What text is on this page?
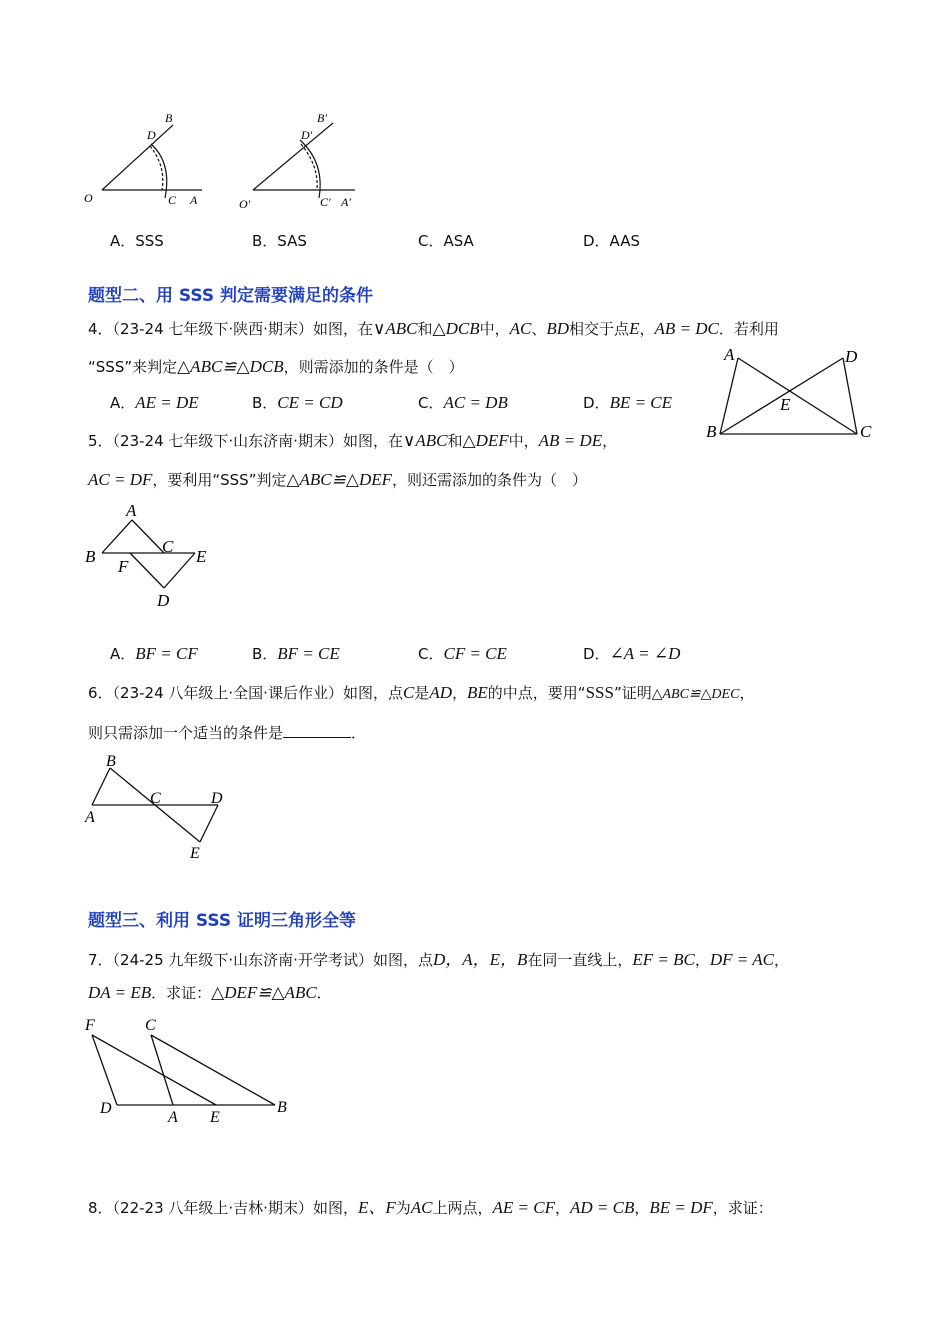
B
D
O	C A
B′
D′
O′	C′ A′
A．SSS	B．SAS	C．ASA	D．AAS
题型二、用 SSS 判定需要满足的条件
4．（23-24 七年级下·陕西·期末）如图，在∨ABC和△DCB中，AC、BD相交于点E，AB = DC．若利用
“SSS”来判定△ABC≌△DCB，则需添加的条件是（　）
A．AE = DE	B．CE = CD	C．AC = DB	D．BE = CE
A	D
E
B	C
5．（23-24 七年级下·山东济南·期末）如图，在∨ABC和△DEF中，AB = DE，
AC = DF，要利用“SSS”判定△ABC≌△DEF，则还需添加的条件为（　）
A
B
C
E
F
D
A．BF = CF	B．BF = CE	C．CF = CE	D．∠A = ∠D
6．（23-24 八年级上·全国·课后作业）如图，点C是AD，BE的中点，要用“SSS”证明△ABC≌△DEC，
则只需添加一个适当的条件是	．
B
C	D
A
E
题型三、利用 SSS 证明三角形全等
7．（24-25 九年级下·山东济南·开学考试）如图，点D，A，E，B在同一直线上，EF = BC，DF = AC，
DA = EB．求证：△DEF≌△ABC．
F	C
D
A E
B
8．（22-23 八年级上·吉林·期末）如图，E、F为AC上两点，AE = CF，AD = CB，BE = DF，求证：
